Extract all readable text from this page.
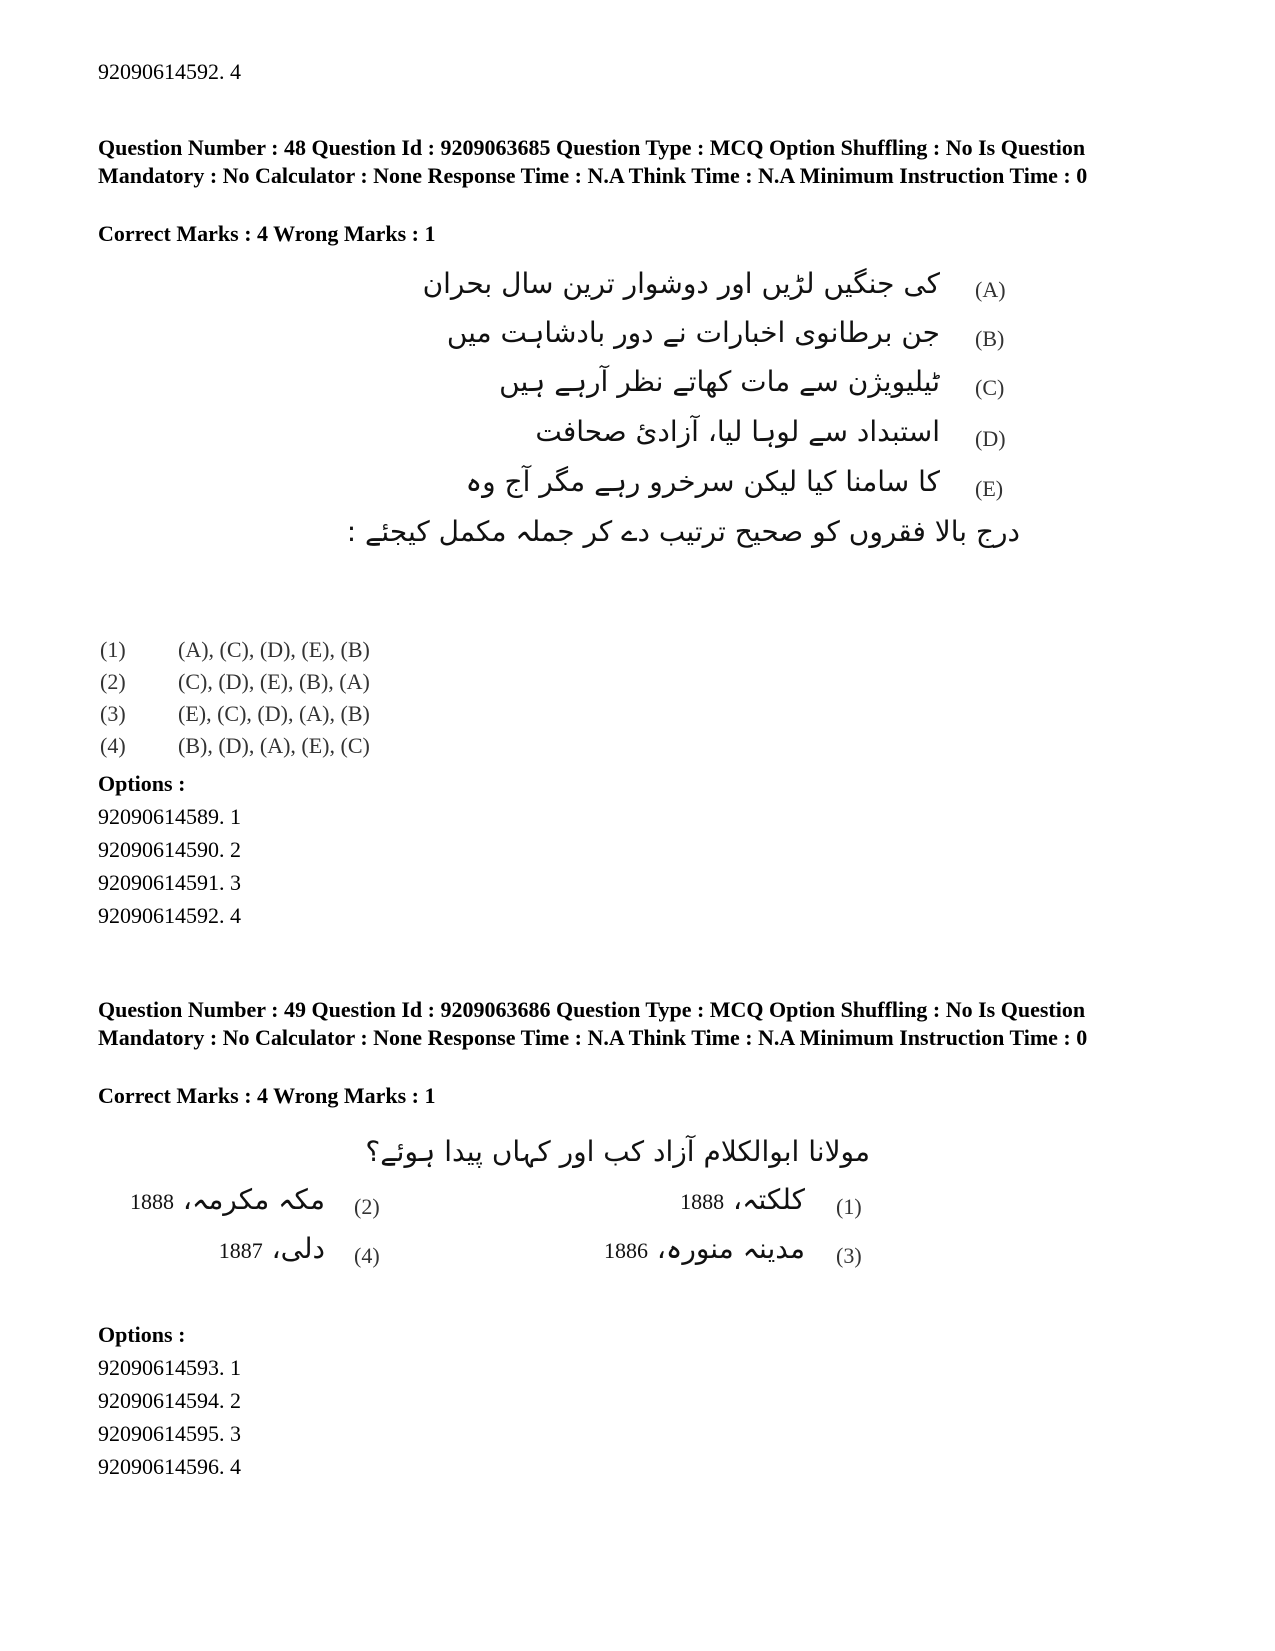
92090614592. 4
Question Number : 48 Question Id : 9209063685 Question Type : MCQ Option Shuffling : No Is Question Mandatory : No Calculator : None Response Time : N.A Think Time : N.A Minimum Instruction Time : 0
Correct Marks : 4 Wrong Marks : 1
(A)
کی جنگیں لڑیں اور دوشوار ترین سال بحران
(B)
جن برطانوی اخبارات نے دور بادشاہت میں
(C)
ٹیلیویژن سے مات کھاتے نظر آرہے ہیں
(D)
استبداد سے لوہا لیا، آزادئ صحافت
(E)
کا سامنا کیا لیکن سرخرو رہے مگر آج وہ
درج بالا فقروں کو صحیح ترتیب دے کر جملہ مکمل کیجئے :
(1) (A), (C), (D), (E), (B)
(2) (C), (D), (E), (B), (A)
(3) (E), (C), (D), (A), (B)
(4) (B), (D), (A), (E), (C)
Options :
92090614589. 1
92090614590. 2
92090614591. 3
92090614592. 4
Question Number : 49 Question Id : 9209063686 Question Type : MCQ Option Shuffling : No Is Question Mandatory : No Calculator : None Response Time : N.A Think Time : N.A Minimum Instruction Time : 0
Correct Marks : 4 Wrong Marks : 1
مولانا ابوالکلام آزاد کب اور کہاں پیدا ہوئے؟
(1)
کلکتہ، 1888
(2)
مکہ مکرمہ، 1888
(3)
مدینہ منورہ، 1886
(4)
دلی، 1887
Options :
92090614593. 1
92090614594. 2
92090614595. 3
92090614596. 4
